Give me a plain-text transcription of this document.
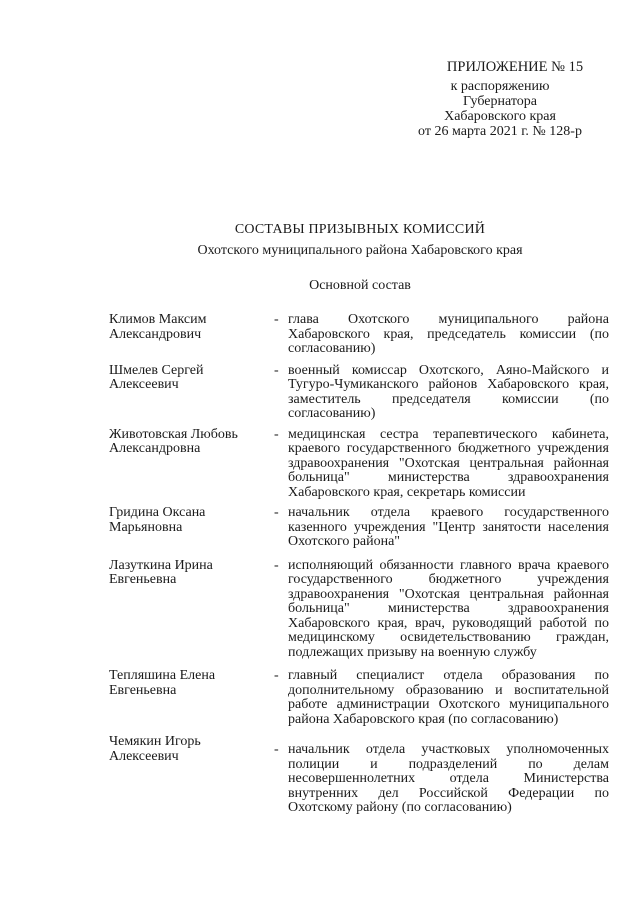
ПРИЛОЖЕНИЕ № 15
к распоряжению
Губернатора
Хабаровского края
от 26 марта 2021 г. № 128-р
СОСТАВЫ ПРИЗЫВНЫХ КОМИССИЙ
Охотского муниципального района Хабаровского края
Основной состав
Климов Максим
Александрович
- глава Охотского муниципального района Хабаровского края, председатель комиссии (по согласованию)
Шмелев Сергей
Алексеевич
- военный комиссар Охотского, Аяно-Майского и Тугуро-Чумиканского районов Хабаровского края, заместитель председателя комиссии (по согласованию)
Животовская Любовь
Александровна
- медицинская сестра терапевтического кабинета, краевого государственного бюджетного учреждения здравоохранения "Охотская центральная районная больница" министерства здравоохранения Хабаровского края, секретарь комиссии
Гридина Оксана
Марьяновна
- начальник отдела краевого государственного казенного учреждения "Центр занятости населения Охотского района"
Лазуткина Ирина
Евгеньевна
- исполняющий обязанности главного врача краевого государственного бюджетного учреждения здравоохранения "Охотская центральная районная больница" министерства здравоохранения Хабаровского края, врач, руководящий работой по медицинскому освидетельствованию граждан, подлежащих призыву на военную службу
Тепляшина Елена
Евгеньевна
- главный специалист отдела образования по дополнительному образованию и воспитательной работе администрации Охотского муниципального района Хабаровского края (по согласованию)
Чемякин Игорь
Алексеевич	- начальник отдела участковых уполномоченных полиции и подразделений по делам несовершеннолетних отдела Министерства внутренних дел Российской Федерации по Охотскому району (по согласованию)
